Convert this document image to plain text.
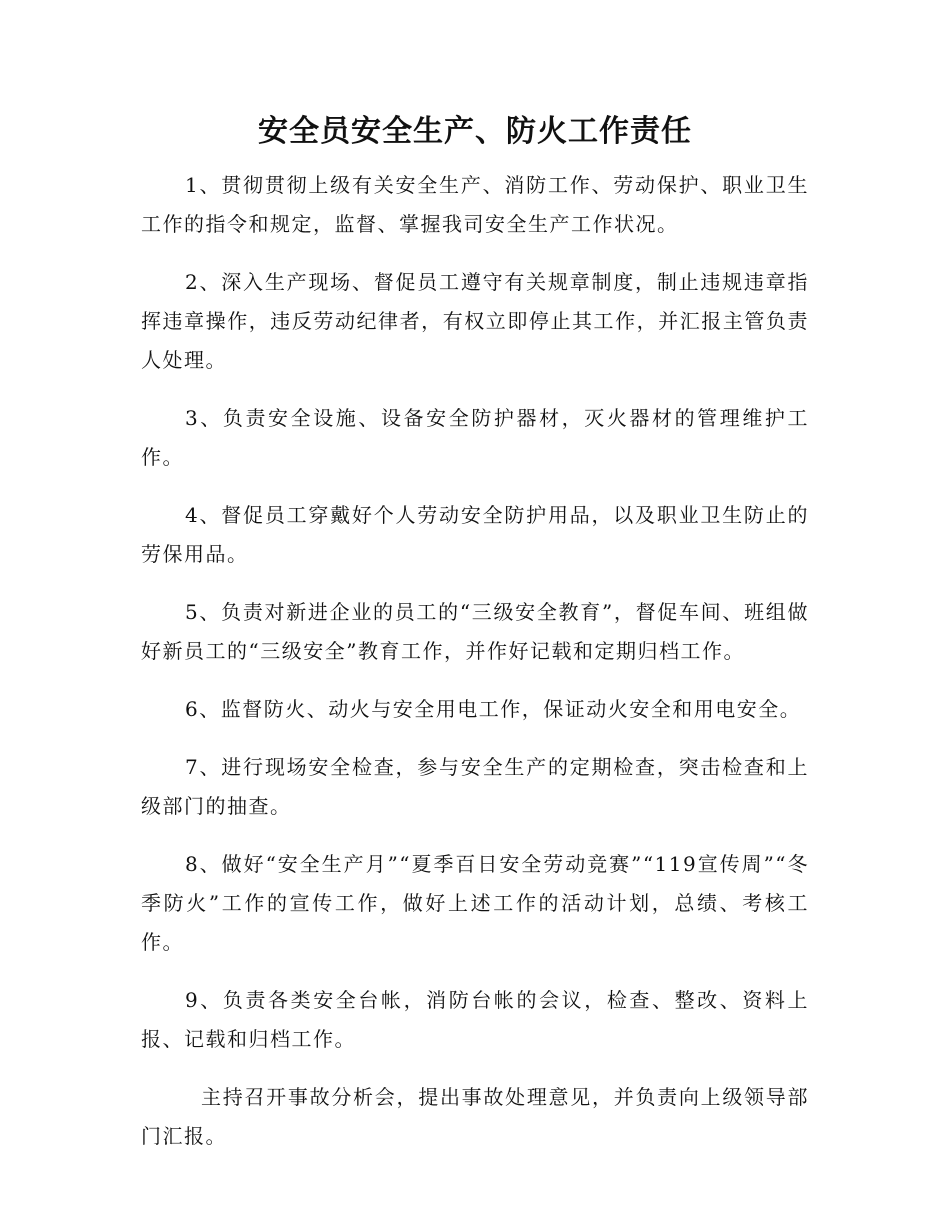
安全员安全生产、防火工作责任

1、贯彻贯彻上级有关安全生产、消防工作、劳动保护、职业卫生工作的指令和规定，监督、掌握我司安全生产工作状况。

2、深入生产现场、督促员工遵守有关规章制度，制止违规违章指挥违章操作，违反劳动纪律者，有权立即停止其工作，并汇报主管负责人处理。

3、负责安全设施、设备安全防护器材，灭火器材的管理维护工作。

4、督促员工穿戴好个人劳动安全防护用品，以及职业卫生防止的劳保用品。

5、负责对新进企业的员工的“三级安全教育”，督促车间、班组做好新员工的“三级安全”教育工作，并作好记载和定期归档工作。

6、监督防火、动火与安全用电工作，保证动火安全和用电安全。

7、进行现场安全检查，参与安全生产的定期检查，突击检查和上级部门的抽查。

8、做好“安全生产月”“夏季百日安全劳动竞赛”“119宣传周”“冬季防火”工作的宣传工作，做好上述工作的活动计划，总绩、考核工作。

9、负责各类安全台帐，消防台帐的会议，检查、整改、资料上报、记载和归档工作。

主持召开事故分析会，提出事故处理意见，并负责向上级领导部门汇报。
